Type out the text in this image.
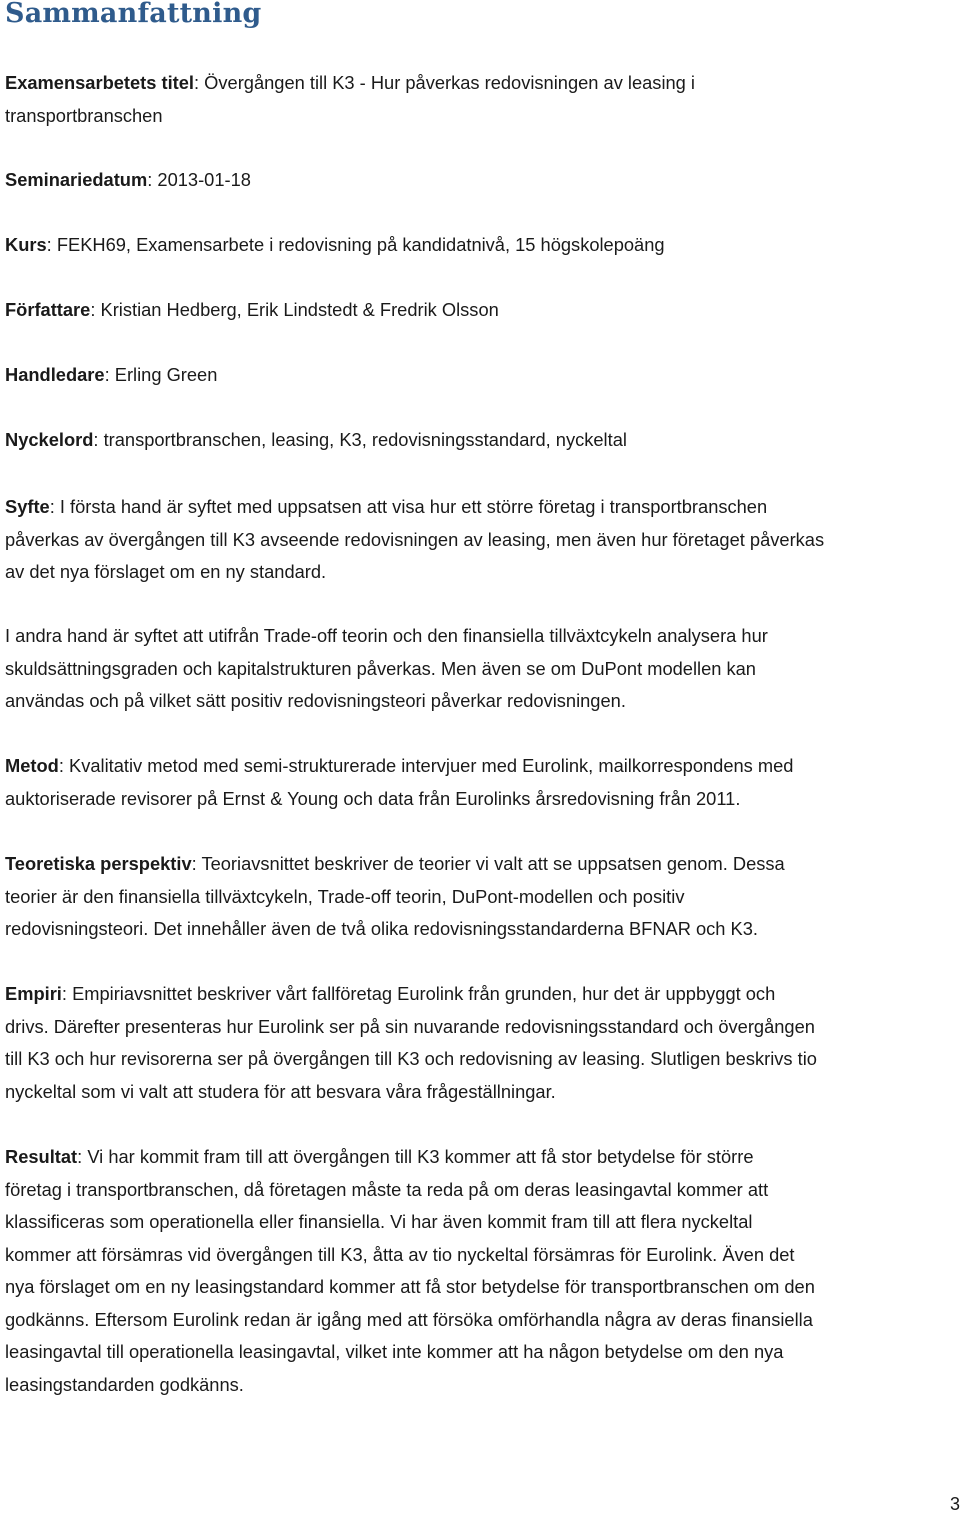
Sammanfattning

Examensarbetets titel: Övergången till K3 - Hur påverkas redovisningen av leasing i
transportbranschen

Seminariedatum: 2013-01-18

Kurs: FEKH69, Examensarbete i redovisning på kandidatnivå, 15 högskolepoäng

Författare: Kristian Hedberg, Erik Lindstedt & Fredrik Olsson

Handledare: Erling Green

Nyckelord: transportbranschen, leasing, K3, redovisningsstandard, nyckeltal

Syfte: I första hand är syftet med uppsatsen att visa hur ett större företag i transportbranschen
påverkas av övergången till K3 avseende redovisningen av leasing, men även hur företaget påverkas
av det nya förslaget om en ny standard.

I andra hand är syftet att utifrån Trade-off teorin och den finansiella tillväxtcykeln analysera hur
skuldsättningsgraden och kapitalstrukturen påverkas. Men även se om DuPont modellen kan
användas och på vilket sätt positiv redovisningsteori påverkar redovisningen.

Metod: Kvalitativ metod med semi-strukturerade intervjuer med Eurolink, mailkorrespondens med
auktoriserade revisorer på Ernst & Young och data från Eurolinks årsredovisning från 2011.

Teoretiska perspektiv: Teoriavsnittet beskriver de teorier vi valt att se uppsatsen genom. Dessa
teorier är den finansiella tillväxtcykeln, Trade-off teorin, DuPont-modellen och positiv
redovisningsteori. Det innehåller även de två olika redovisningsstandarderna BFNAR och K3.

Empiri: Empiriavsnittet beskriver vårt fallföretag Eurolink från grunden, hur det är uppbyggt och
drivs. Därefter presenteras hur Eurolink ser på sin nuvarande redovisningsstandard och övergången
till K3 och hur revisorerna ser på övergången till K3 och redovisning av leasing. Slutligen beskrivs tio
nyckeltal som vi valt att studera för att besvara våra frågeställningar.

Resultat: Vi har kommit fram till att övergången till K3 kommer att få stor betydelse för större
företag i transportbranschen, då företagen måste ta reda på om deras leasingavtal kommer att
klassificeras som operationella eller finansiella. Vi har även kommit fram till att flera nyckeltal
kommer att försämras vid övergången till K3, åtta av tio nyckeltal försämras för Eurolink. Även det
nya förslaget om en ny leasingstandard kommer att få stor betydelse för transportbranschen om den
godkänns. Eftersom Eurolink redan är igång med att försöka omförhandla några av deras finansiella
leasingavtal till operationella leasingavtal, vilket inte kommer att ha någon betydelse om den nya
leasingstandarden godkänns.

3
